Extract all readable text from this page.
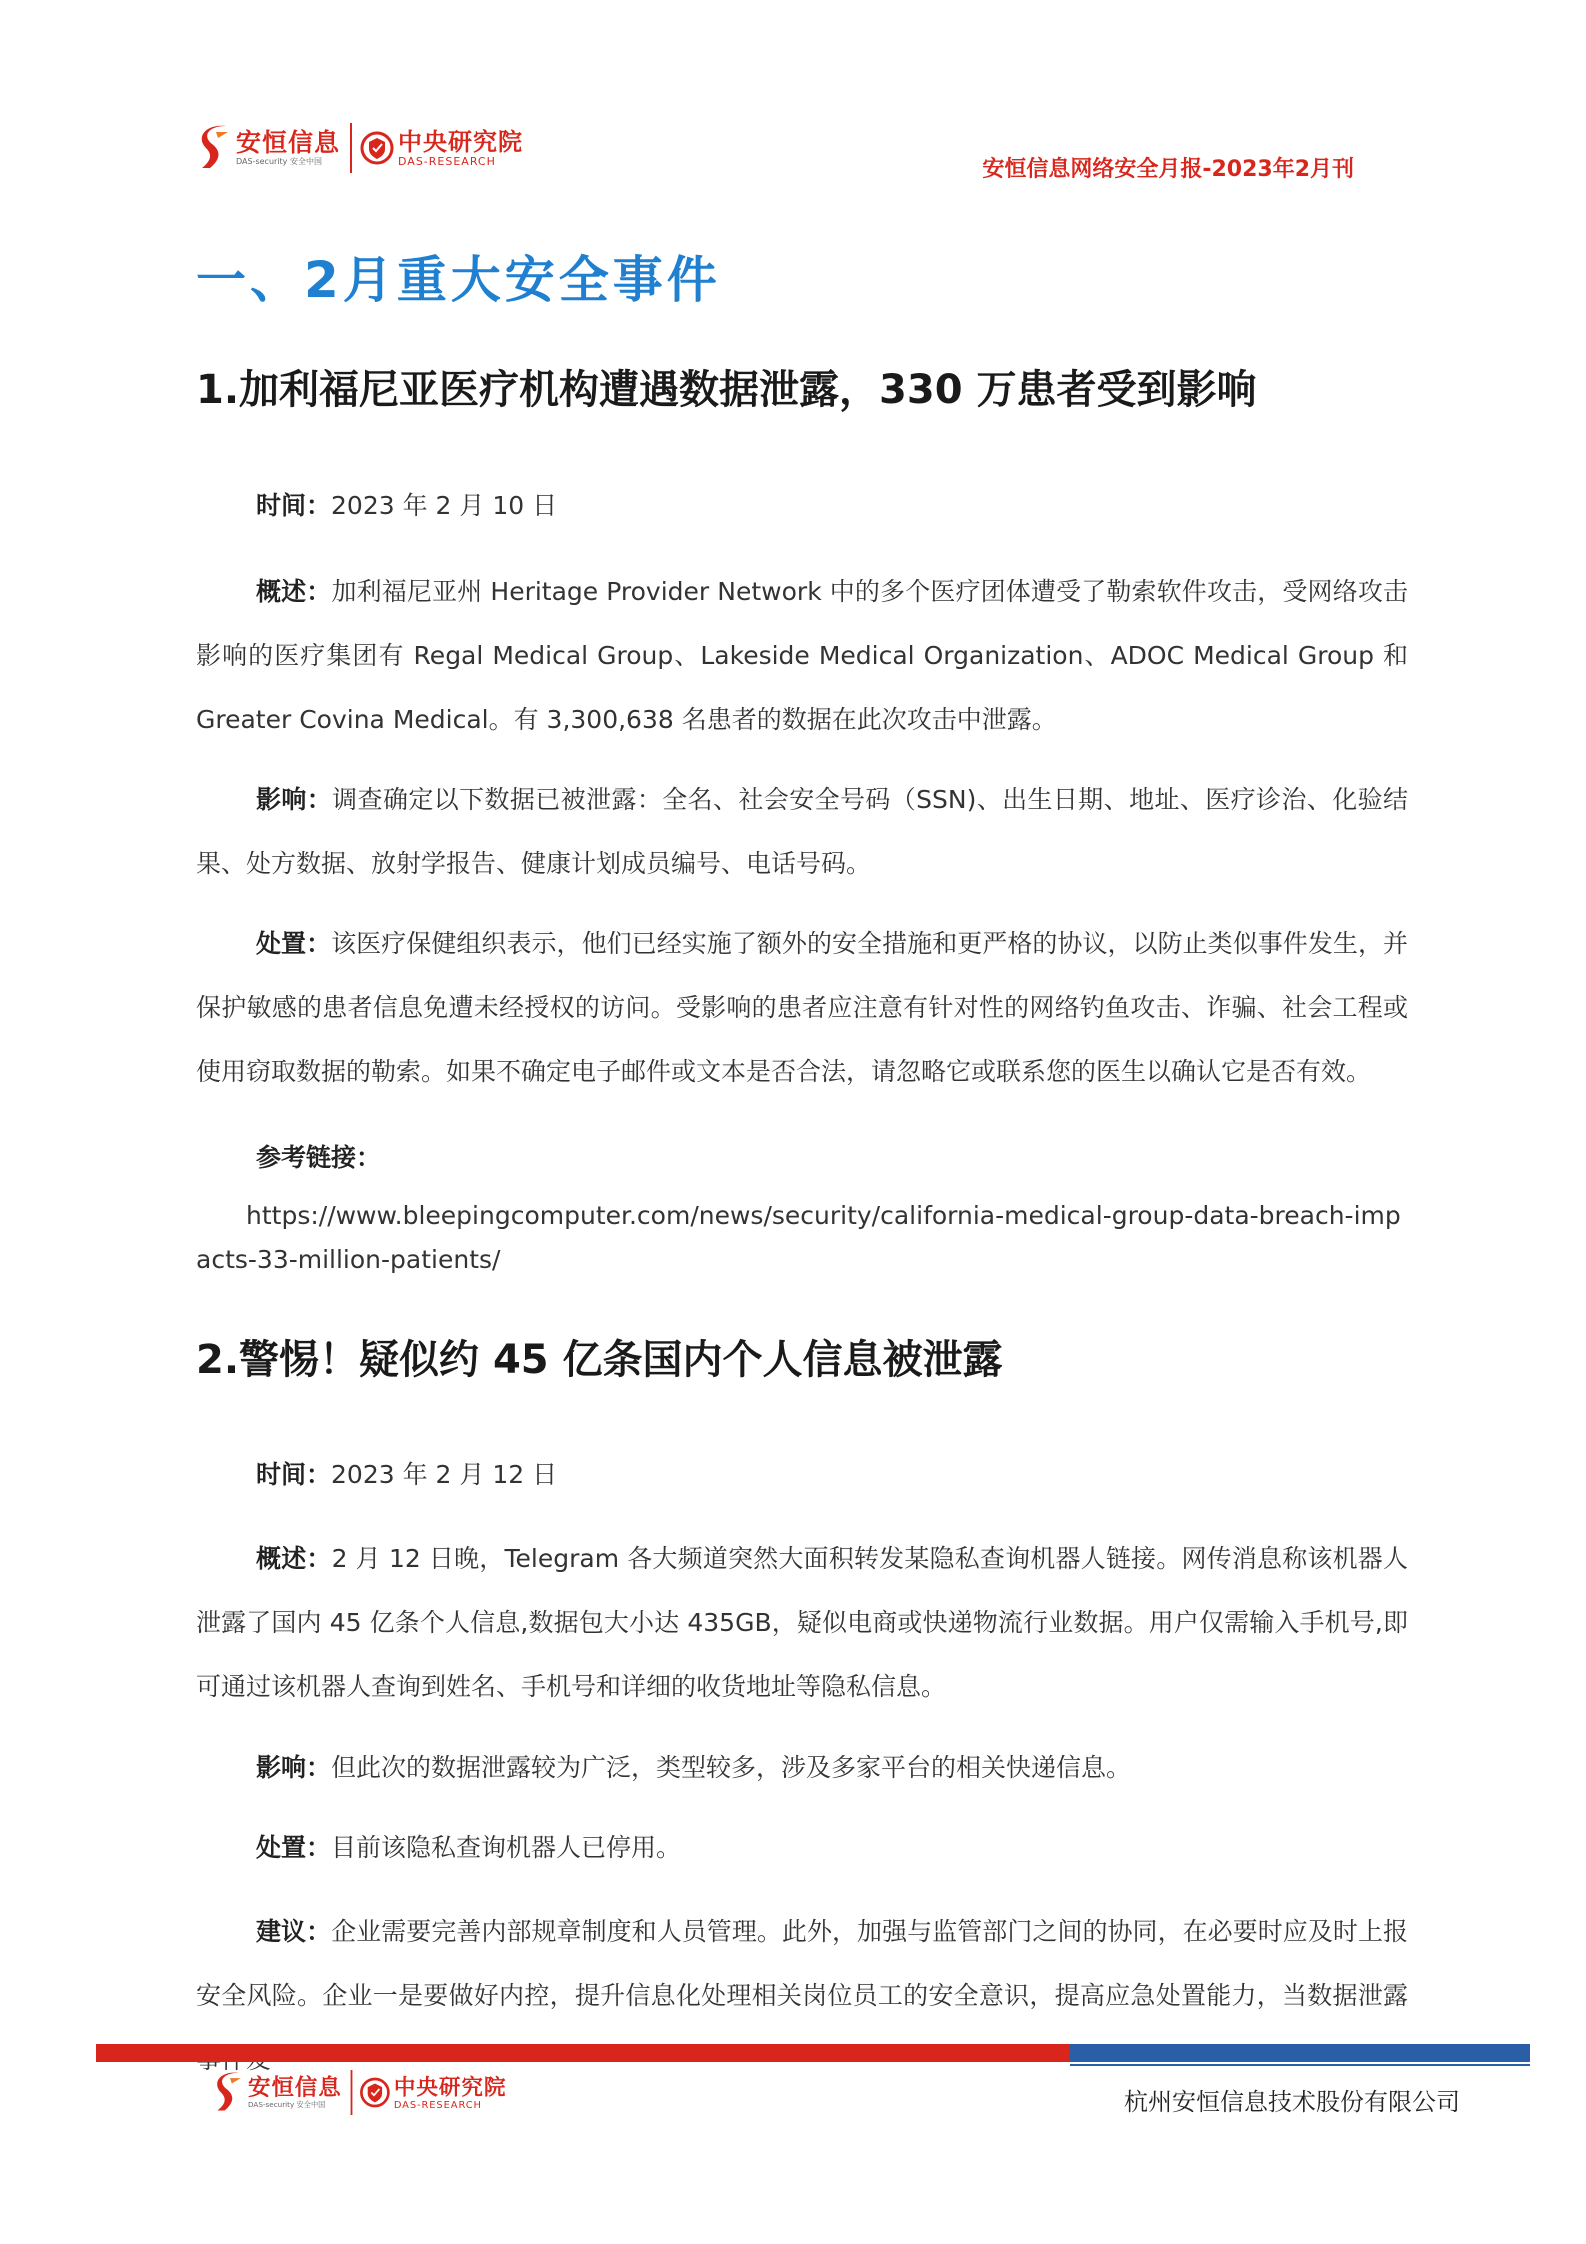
安恒信息
DAS-security 安全中国
中央研究院
DAS-RESEARCH	安恒信息网络安全月报-2023年2月刊
一、2月重大安全事件
1.加利福尼亚医疗机构遭遇数据泄露，330 万患者受到影响

时间：2023 年 2 月 10 日

概述：加利福尼亚州 Heritage Provider Network 中的多个医疗团体遭受了勒索软件攻击，受网络攻击影响的医疗集团有 Regal Medical Group、Lakeside Medical Organization、ADOC Medical Group 和 Greater Covina Medical。有 3,300,638 名患者的数据在此次攻击中泄露。

影响：调查确定以下数据已被泄露：全名、社会安全号码（SSN)、出生日期、地址、医疗诊治、化验结果、处方数据、放射学报告、健康计划成员编号、电话号码。

处置：该医疗保健组织表示，他们已经实施了额外的安全措施和更严格的协议，以防止类似事件发生，并保护敏感的患者信息免遭未经授权的访问。受影响的患者应注意有针对性的网络钓鱼攻击、诈骗、社会工程或使用窃取数据的勒索。如果不确定电子邮件或文本是否合法，请忽略它或联系您的医生以确认它是否有效。

参考链接：

https://www.bleepingcomputer.com/news/security/california-medical-group-data-breach-impacts-33-million-patients/

2.警惕！疑似约 45 亿条国内个人信息被泄露

时间：2023 年 2 月 12 日

概述：2 月 12 日晚，Telegram 各大频道突然大面积转发某隐私查询机器人链接。网传消息称该机器人泄露了国内 45 亿条个人信息,数据包大小达 435GB，疑似电商或快递物流行业数据。用户仅需输入手机号,即可通过该机器人查询到姓名、手机号和详细的收货地址等隐私信息。

影响：但此次的数据泄露较为广泛，类型较多，涉及多家平台的相关快递信息。

处置：目前该隐私查询机器人已停用。

建议：企业需要完善内部规章制度和人员管理。此外，加强与监管部门之间的协同，在必要时应及时上报安全风险。企业一是要做好内控，提升信息化处理相关岗位员工的安全意识，提高应急处置能力，当数据泄露

安恒信息
DAS-security 安全中国
中央研究院
DAS-RESEARCH	杭州安恒信息技术股份有限公司
